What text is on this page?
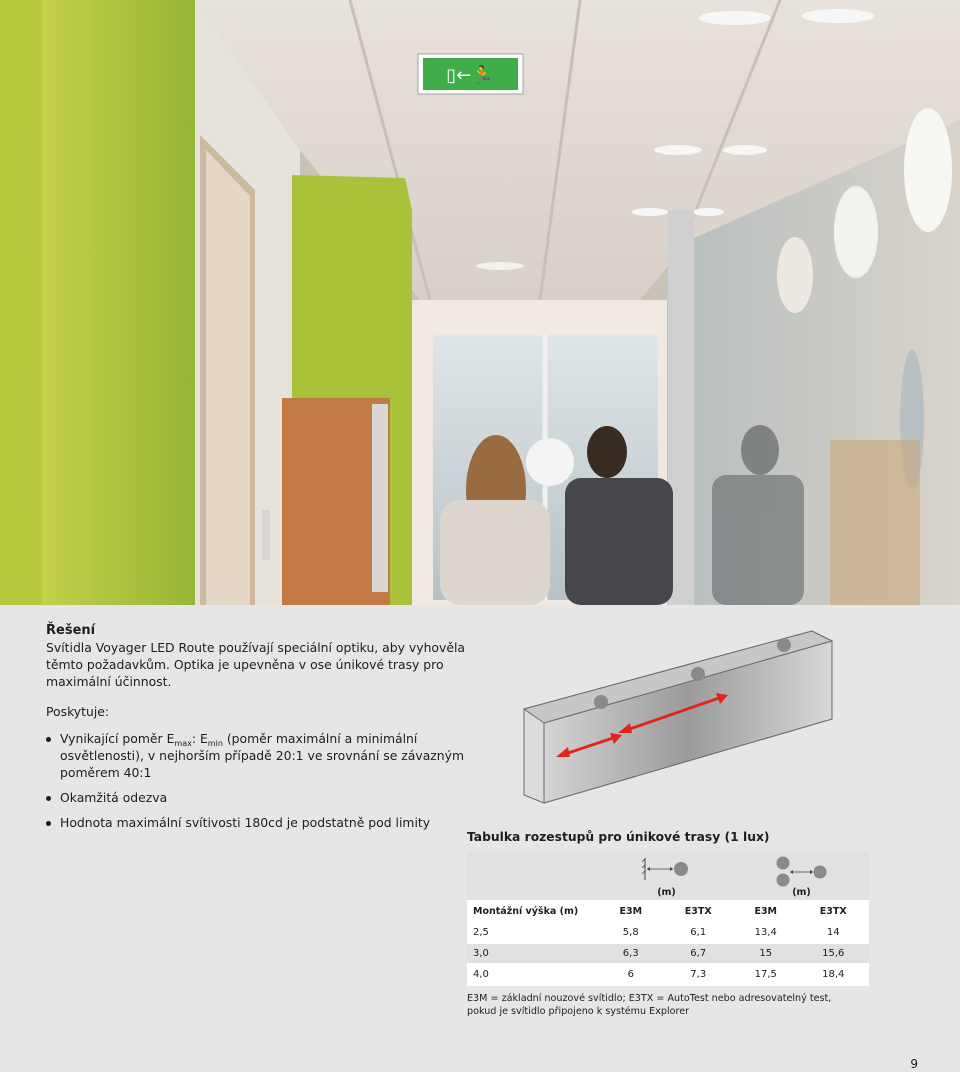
▯←🏃
Řešení

Svítidla Voyager LED Route používají speciální optiku, aby vyhověla těmto požadavkům. Optika je upevněna v ose únikové trasy pro maximální účinnost.

Poskytuje:

Vynikající poměr $E_{max}$: $E_{min}$ (poměr maximální a minimální osvětlenosti), v nejhorším případě 20:1 ve srovnání se závazným poměrem 40:1
Okamžitá odezva
Hodnota maximální svítivosti 180cd je podstatně pod limity

Tabulka rozestupů pro únikové trasy (1 lux)

	(m)		(m)	

Montážní výška (m)	E3M	E3TX	E3M	E3TX
2,5	5,8	6,1	13,4	14
3,0	6,3	6,7	15	15,6
4,0	6	7,3	17,5	18,4
E3M = základní nouzové svítidlo; E3TX = AutoTest nebo adresovatelný test,
pokud je svítidlo připojeno k systému Explorer
9
